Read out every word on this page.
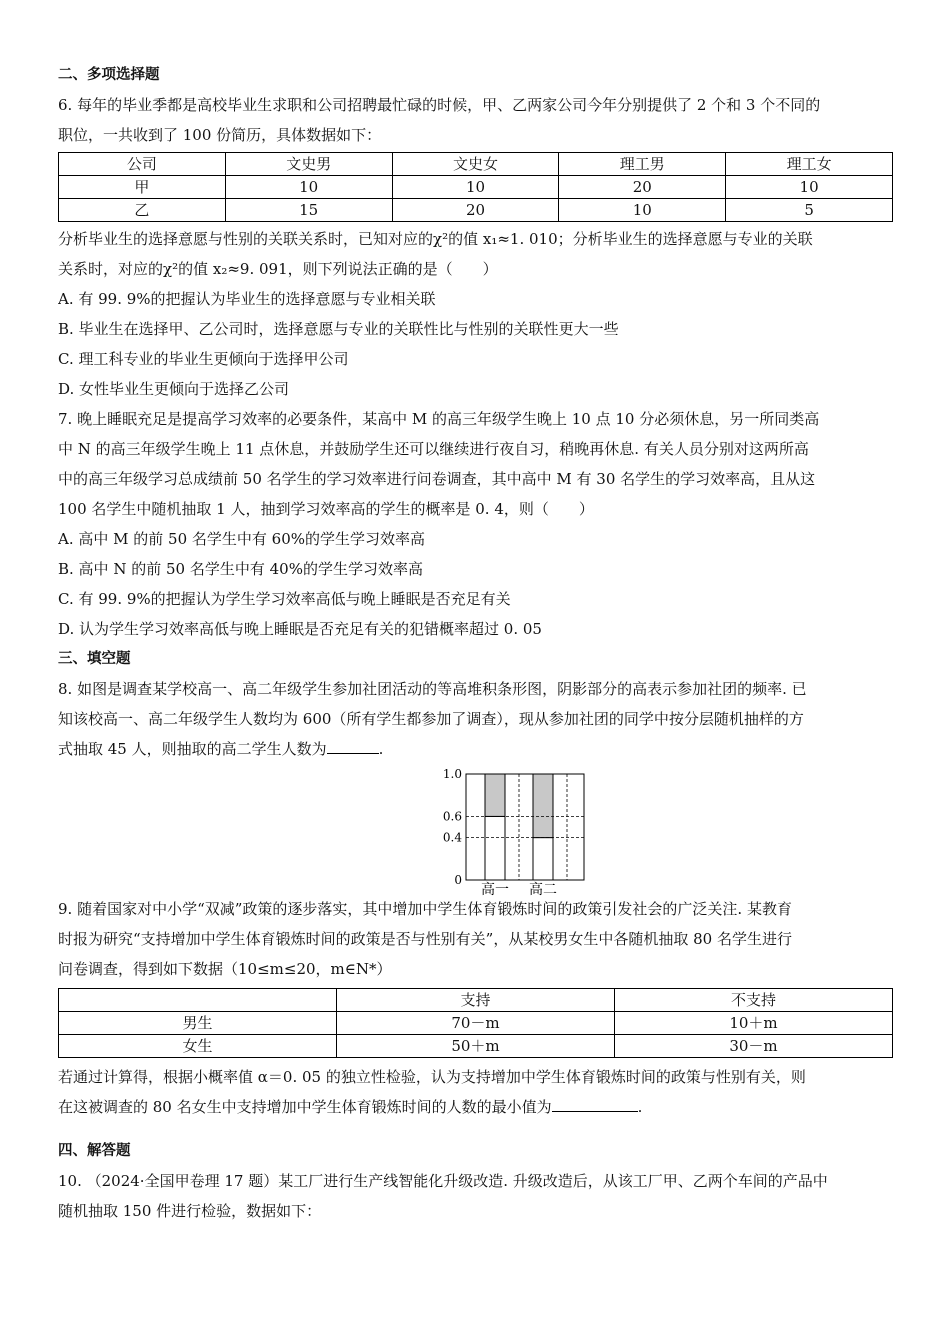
二、多项选择题
6. 每年的毕业季都是高校毕业生求职和公司招聘最忙碌的时候，甲、乙两家公司今年分别提供了 2 个和 3 个不同的
职位，一共收到了 100 份简历，具体数据如下：
公司	文史男	文史女	理工男	理工女
甲	10	10	20	10
乙	15	20	10	5
分析毕业生的选择意愿与性别的关联关系时，已知对应的χ²的值 x₁≈1. 010；分析毕业生的选择意愿与专业的关联
关系时，对应的χ²的值 x₂≈9. 091，则下列说法正确的是（　　）
A. 有 99. 9%的把握认为毕业生的选择意愿与专业相关联
B. 毕业生在选择甲、乙公司时，选择意愿与专业的关联性比与性别的关联性更大一些
C. 理工科专业的毕业生更倾向于选择甲公司
D. 女性毕业生更倾向于选择乙公司
7. 晚上睡眠充足是提高学习效率的必要条件，某高中 M 的高三年级学生晚上 10 点 10 分必须休息，另一所同类高
中 N 的高三年级学生晚上 11 点休息，并鼓励学生还可以继续进行夜自习，稍晚再休息. 有关人员分别对这两所高
中的高三年级学习总成绩前 50 名学生的学习效率进行问卷调查，其中高中 M 有 30 名学生的学习效率高，且从这
100 名学生中随机抽取 1 人，抽到学习效率高的学生的概率是 0. 4，则（　　）
A. 高中 M 的前 50 名学生中有 60%的学生学习效率高
B. 高中 N 的前 50 名学生中有 40%的学生学习效率高
C. 有 99. 9%的把握认为学生学习效率高低与晚上睡眠是否充足有关
D. 认为学生学习效率高低与晚上睡眠是否充足有关的犯错概率超过 0. 05
三、填空题
8. 如图是调查某学校高一、高二年级学生参加社团活动的等高堆积条形图，阴影部分的高表示参加社团的频率. 已
知该校高一、高二年级学生人数均为 600（所有学生都参加了调查），现从参加社团的同学中按分层随机抽样的方
式抽取 45 人，则抽取的高二学生人数为	.
高一 高二
0
0.4
0.6
1.0
9. 随着国家对中小学“双减”政策的逐步落实，其中增加中学生体育锻炼时间的政策引发社会的广泛关注. 某教育
时报为研究“支持增加中学生体育锻炼时间的政策是否与性别有关”，从某校男女生中各随机抽取 80 名学生进行
问卷调查，得到如下数据（10≤m≤20，m∈N*）
	支持	不支持
男生	70－m	10＋m
女生	50＋m	30－m
若通过计算得，根据小概率值 α＝0. 05 的独立性检验，认为支持增加中学生体育锻炼时间的政策与性别有关，则
在这被调查的 80 名女生中支持增加中学生体育锻炼时间的人数的最小值为	.
四、解答题
10. （2024·全国甲卷理 17 题）某工厂进行生产线智能化升级改造. 升级改造后，从该工厂甲、乙两个车间的产品中
随机抽取 150 件进行检验，数据如下：
